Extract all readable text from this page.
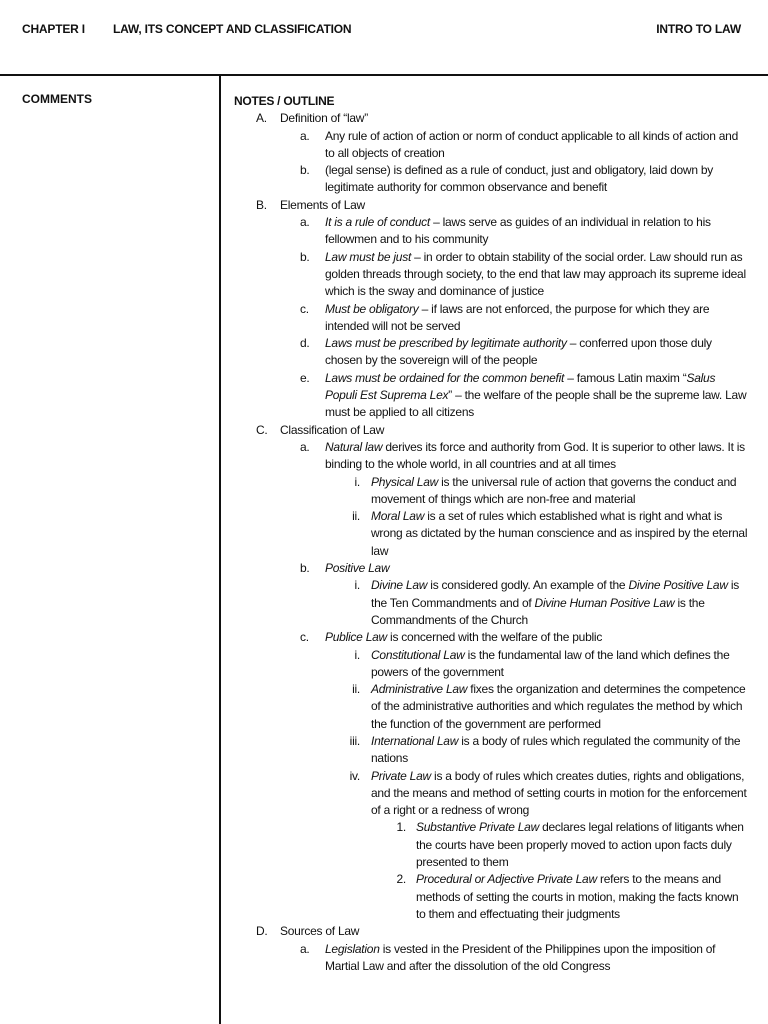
CHAPTER I LAW, ITS CONCEPT AND CLASSIFICATION	INTRO TO LAW
COMMENTS	NOTES / OUTLINE
A.	Definition of “law”
a.	Any rule of action of action or norm of conduct applicable to all kinds of action and to all objects of creation
b.	(legal sense) is defined as a rule of conduct, just and obligatory, laid down by legitimate authority for common observance and benefit
B.	Elements of Law
a.	It is a rule of conduct – laws serve as guides of an individual in relation to his fellowmen and to his community
b.	Law must be just – in order to obtain stability of the social order. Law should run as golden threads through society, to the end that law may approach its supreme ideal which is the sway and dominance of justice
c.	Must be obligatory – if laws are not enforced, the purpose for which they are intended will not be served
d.	Laws must be prescribed by legitimate authority – conferred upon those duly chosen by the sovereign will of the people
e.	Laws must be ordained for the common benefit – famous Latin maxim “Salus Populi Est Suprema Lex” – the welfare of the people shall be the supreme law. Law must be applied to all citizens
C.	Classification of Law
a.	Natural law derives its force and authority from God. It is superior to other laws. It is binding to the whole world, in all countries and at all times
i. Physical Law is the universal rule of action that governs the conduct and movement of things which are non-free and material
ii. Moral Law is a set of rules which established what is right and what is wrong as dictated by the human conscience and as inspired by the eternal law
b.	Positive Law
i. Divine Law is considered godly. An example of the Divine Positive Law is the Ten Commandments and of Divine Human Positive Law is the Commandments of the Church
c.	Publice Law is concerned with the welfare of the public
i. Constitutional Law is the fundamental law of the land which defines the powers of the government
ii. Administrative Law fixes the organization and determines the competence of the administrative authorities and which regulates the method by which the function of the government are performed
iii. International Law is a body of rules which regulated the community of the nations
iv. Private Law is a body of rules which creates duties, rights and obligations, and the means and method of setting courts in motion for the enforcement of a right or a redness of wrong
1. Substantive Private Law declares legal relations of litigants when the courts have been properly moved to action upon facts duly presented to them
2. Procedural or Adjective Private Law refers to the means and methods of setting the courts in motion, making the facts known to them and effectuating their judgments
D.	Sources of Law
a.	Legislation is vested in the President of the Philippines upon the imposition of Martial Law and after the dissolution of the old Congress
